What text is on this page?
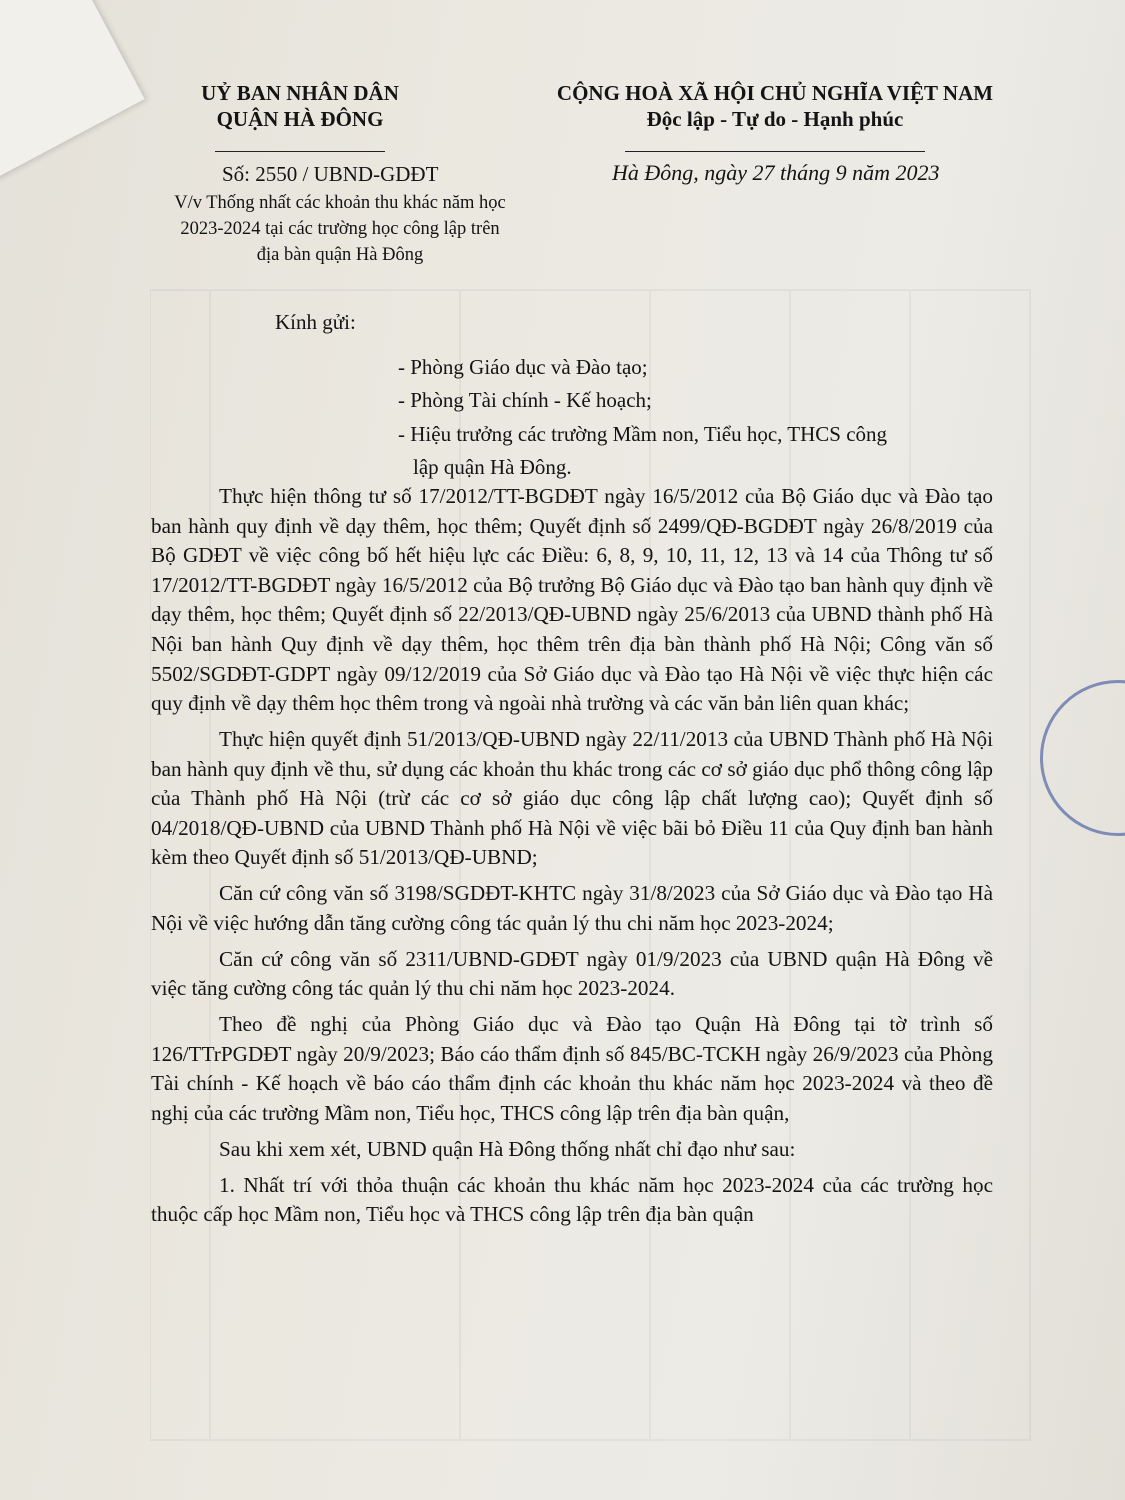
UỶ BAN NHÂN DÂN
QUẬN HÀ ĐÔNG
CỘNG HOÀ XÃ HỘI CHỦ NGHĨA VIỆT NAM
Độc lập - Tự do - Hạnh phúc
Số: 2550 / UBND-GDĐT	Hà Đông, ngày 27 tháng 9 năm 2023
V/v Thống nhất các khoản thu khác năm học 2023-2024 tại các trường học công lập trên địa bàn quận Hà Đông
Kính gửi:
- Phòng Giáo dục và Đào tạo;
- Phòng Tài chính - Kế hoạch;
- Hiệu trưởng các trường Mầm non, Tiểu học, THCS công
lập quận Hà Đông.
Thực hiện thông tư số 17/2012/TT-BGDĐT ngày 16/5/2012 của Bộ Giáo dục và Đào tạo ban hành quy định về dạy thêm, học thêm; Quyết định số 2499/QĐ-BGDĐT ngày 26/8/2019 của Bộ GDĐT về việc công bố hết hiệu lực các Điều: 6, 8, 9, 10, 11, 12, 13 và 14 của Thông tư số 17/2012/TT-BGDĐT ngày 16/5/2012 của Bộ trưởng Bộ Giáo dục và Đào tạo ban hành quy định về dạy thêm, học thêm; Quyết định số 22/2013/QĐ-UBND ngày 25/6/2013 của UBND thành phố Hà Nội ban hành Quy định về dạy thêm, học thêm trên địa bàn thành phố Hà Nội; Công văn số 5502/SGDĐT-GDPT ngày 09/12/2019 của Sở Giáo dục và Đào tạo Hà Nội về việc thực hiện các quy định về dạy thêm học thêm trong và ngoài nhà trường và các văn bản liên quan khác;
Thực hiện quyết định 51/2013/QĐ-UBND ngày 22/11/2013 của UBND Thành phố Hà Nội ban hành quy định về thu, sử dụng các khoản thu khác trong các cơ sở giáo dục phổ thông công lập của Thành phố Hà Nội (trừ các cơ sở giáo dục công lập chất lượng cao); Quyết định số 04/2018/QĐ-UBND của UBND Thành phố Hà Nội về việc bãi bỏ Điều 11 của Quy định ban hành kèm theo Quyết định số 51/2013/QĐ-UBND;
Căn cứ công văn số 3198/SGDĐT-KHTC ngày 31/8/2023 của Sở Giáo dục và Đào tạo Hà Nội về việc hướng dẫn tăng cường công tác quản lý thu chi năm học 2023-2024;
Căn cứ công văn số 2311/UBND-GDĐT ngày 01/9/2023 của UBND quận Hà Đông về việc tăng cường công tác quản lý thu chi năm học 2023-2024.
Theo đề nghị của Phòng Giáo dục và Đào tạo Quận Hà Đông tại tờ trình số 126/TTrPGDĐT ngày 20/9/2023; Báo cáo thẩm định số 845/BC-TCKH ngày 26/9/2023 của Phòng Tài chính - Kế hoạch về báo cáo thẩm định các khoản thu khác năm học 2023-2024 và theo đề nghị của các trường Mầm non, Tiểu học, THCS công lập trên địa bàn quận,
Sau khi xem xét, UBND quận Hà Đông thống nhất chỉ đạo như sau:
1. Nhất trí với thỏa thuận các khoản thu khác năm học 2023-2024 của các trường học thuộc cấp học Mầm non, Tiểu học và THCS công lập trên địa bàn quận
